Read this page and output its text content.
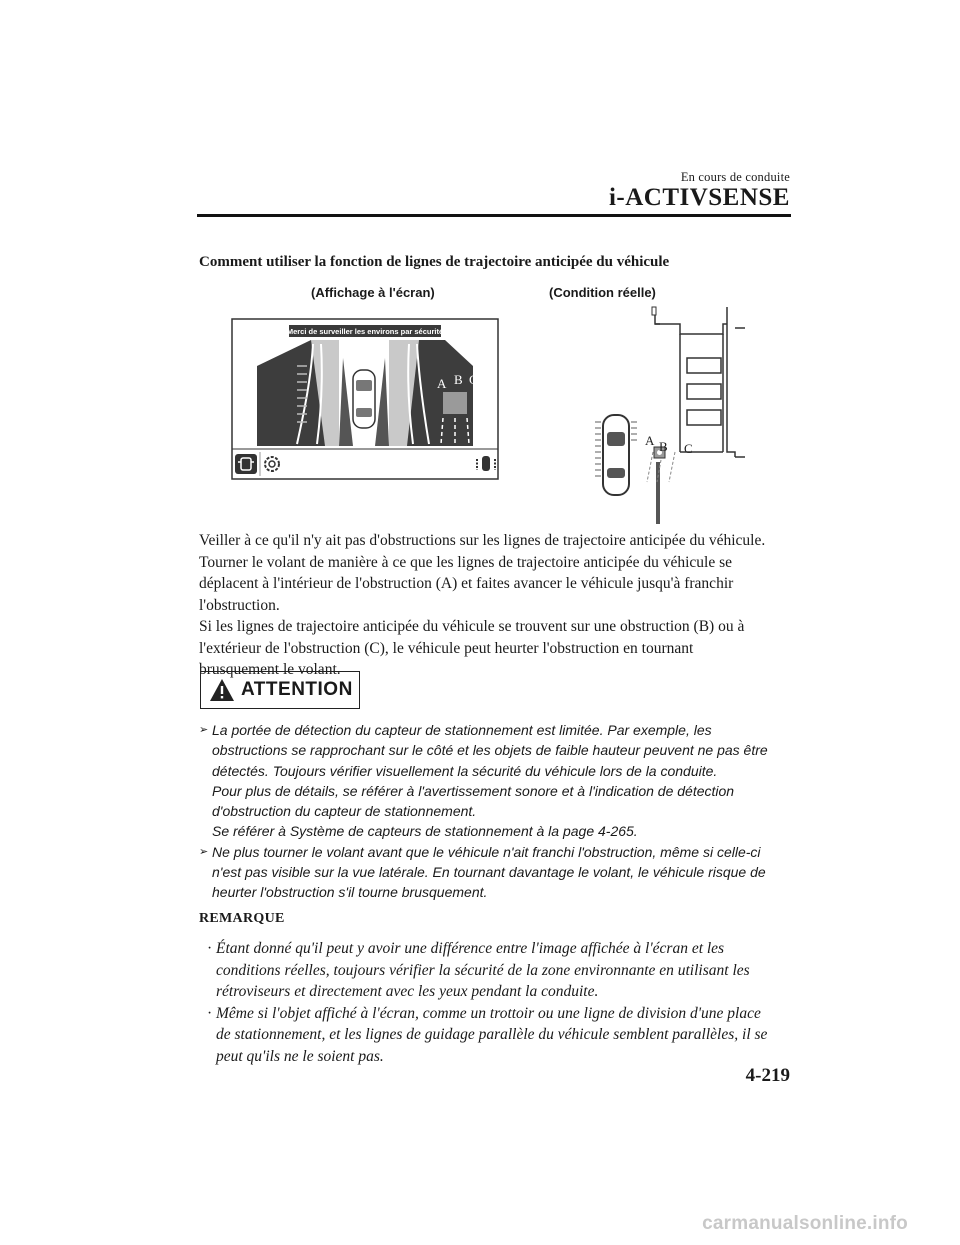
En cours de conduite
i-ACTIVSENSE
Comment utiliser la fonction de lignes de trajectoire anticipée du véhicule
(Affichage à l'écran)	(Condition réelle)
Merci de surveiller les environs par sécurité
A B C
A B C

Veiller à ce qu'il n'y ait pas d'obstructions sur les lignes de trajectoire anticipée du véhicule.
Tourner le volant de manière à ce que les lignes de trajectoire anticipée du véhicule se
déplacent à l'intérieur de l'obstruction (A) et faites avancer le véhicule jusqu'à franchir
l'obstruction.

Si les lignes de trajectoire anticipée du véhicule se trouvent sur une obstruction (B) ou à
l'extérieur de l'obstruction (C), le véhicule peut heurter l'obstruction en tournant
brusquement le volant.

ATTENTION
➢ La portée de détection du capteur de stationnement est limitée. Par exemple, les
obstructions se rapprochant sur le côté et les objets de faible hauteur peuvent ne pas être
détectés. Toujours vérifier visuellement la sécurité du véhicule lors de la conduite.
Pour plus de détails, se référer à l'avertissement sonore et à l'indication de détection
d'obstruction du capteur de stationnement.
Se référer à Système de capteurs de stationnement à la page 4-265.
➢ Ne plus tourner le volant avant que le véhicule n'ait franchi l'obstruction, même si celle-ci
n'est pas visible sur la vue latérale. En tournant davantage le volant, le véhicule risque de
heurter l'obstruction s'il tourne brusquement.
REMARQUE
· Étant donné qu'il peut y avoir une différence entre l'image affichée à l'écran et les
conditions réelles, toujours vérifier la sécurité de la zone environnante en utilisant les
rétroviseurs et directement avec les yeux pendant la conduite.
· Même si l'objet affiché à l'écran, comme un trottoir ou une ligne de division d'une place
de stationnement, et les lignes de guidage parallèle du véhicule semblent parallèles, il se
peut qu'ils ne le soient pas.
4-219
carmanualsonline.info
